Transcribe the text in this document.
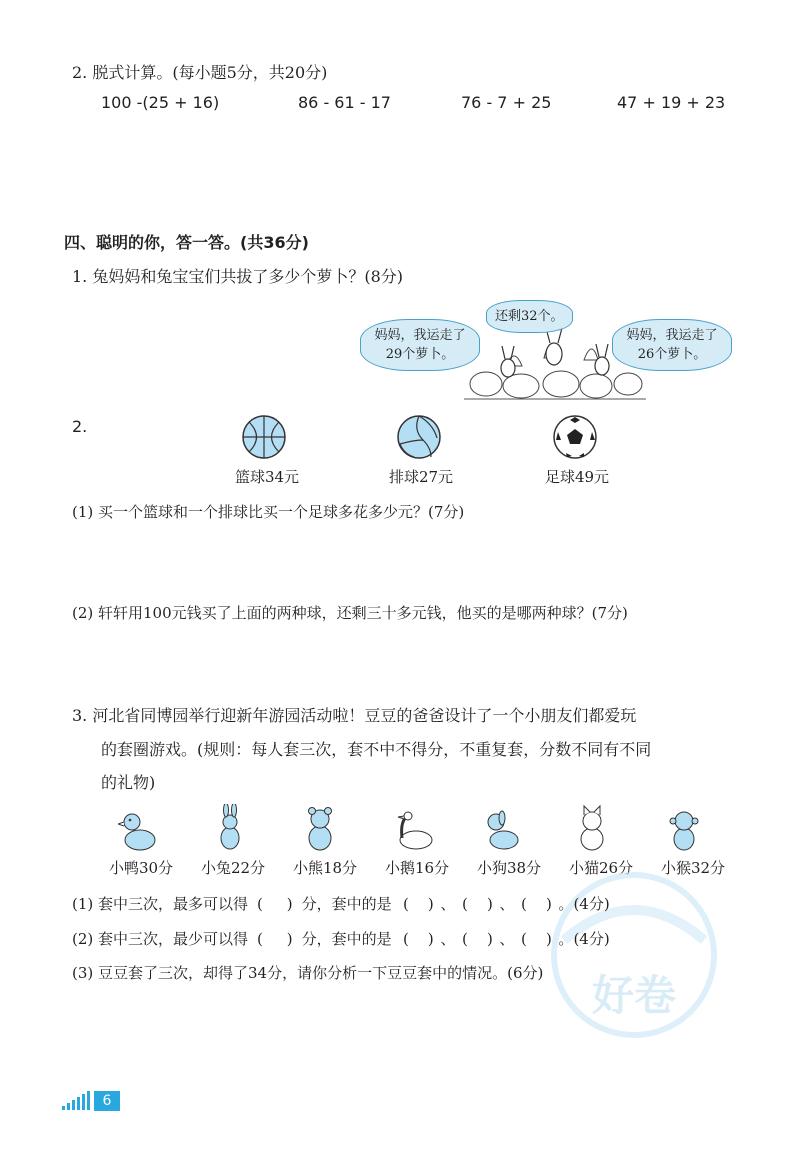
2. 脱式计算。(每小题5分，共20分)
100 -(25 + 16)	86 - 61 - 17	76 - 7 + 25	47 + 19 + 23
四、聪明的你，答一答。(共36分)
1. 兔妈妈和兔宝宝们共拔了多少个萝卜？(8分)
妈妈，我运走了29个萝卜。
还剩32个。
妈妈，我运走了26个萝卜。
2.
篮球34元	排球27元	足球49元
(1) 买一个篮球和一个排球比买一个足球多花多少元？(7分)
(2) 轩轩用100元钱买了上面的两种球，还剩三十多元钱，他买的是哪两种球？(7分)
3. 河北省同博园举行迎新年游园活动啦！豆豆的爸爸设计了一个小朋友们都爱玩
的套圈游戏。(规则：每人套三次，套不中不得分，不重复套，分数不同有不同
的礼物)
小鸭30分	小兔22分	小熊18分	小鹅16分	小狗38分	小猫26分	小猴32分
好卷
(1) 套中三次，最多可以得 (     ) 分，套中的是 (    ) 、 (    ) 、 (    ) 。(4分)
(2) 套中三次，最少可以得 (     ) 分，套中的是 (    ) 、 (    ) 、 (    ) 。(4分)
(3) 豆豆套了三次，却得了34分，请你分析一下豆豆套中的情况。(6分)
6
